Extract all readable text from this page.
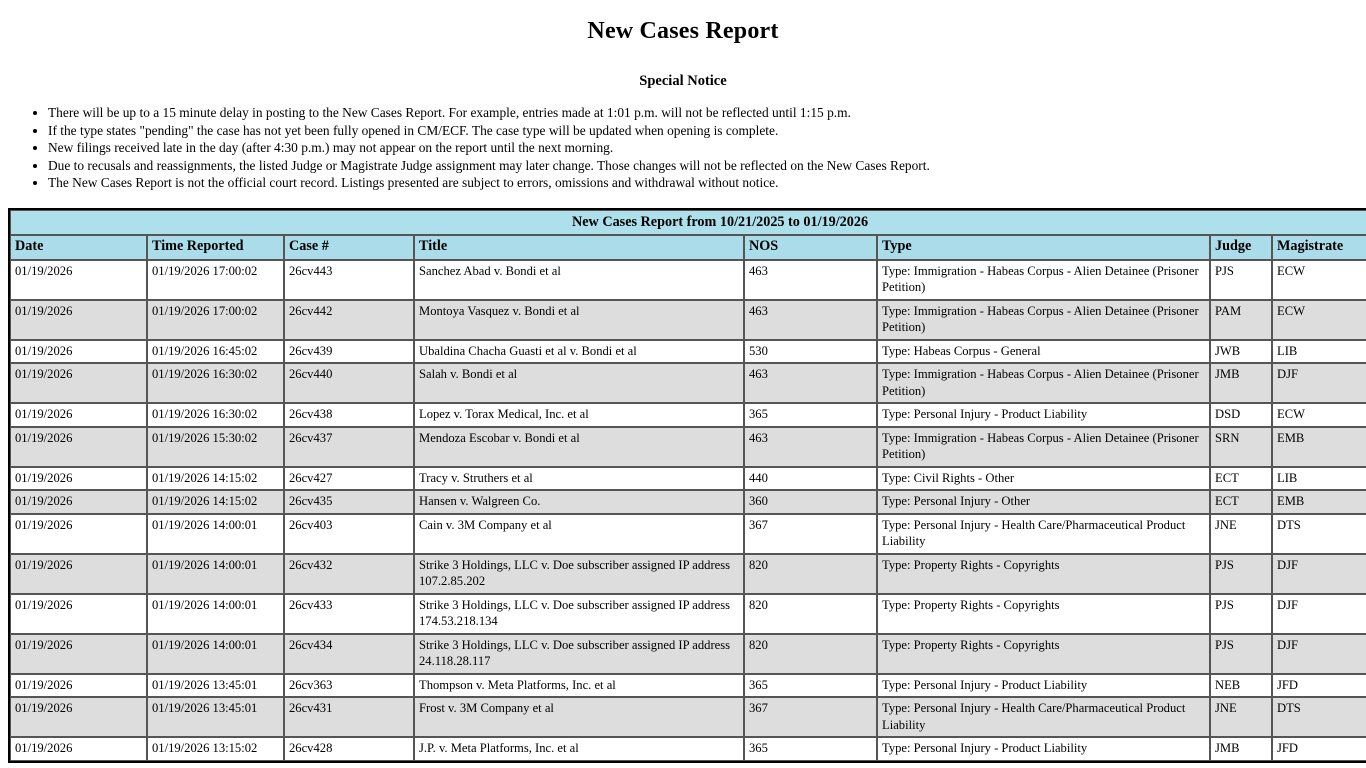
New Cases Report
Special Notice
• There will be up to a 15 minute delay in posting to the New Cases Report. For example, entries made at 1:01 p.m. will not be reflected until 1:15 p.m.
• If the type states "pending" the case has not yet been fully opened in CM/ECF. The case type will be updated when opening is complete.
• New filings received late in the day (after 4:30 p.m.) may not appear on the report until the next morning.
• Due to recusals and reassignments, the listed Judge or Magistrate Judge assignment may later change. Those changes will not be reflected on the New Cases Report.
• The New Cases Report is not the official court record. Listings presented are subject to errors, omissions and withdrawal without notice.
New Cases Report from 10/21/2025 to 01/19/2026							
Date	Time Reported	Case #	Title	NOS	Type	Judge	Magistrate
01/19/2026	01/19/2026 17:00:02	26cv443	Sanchez Abad v. Bondi et al	463	Type: Immigration - Habeas Corpus - Alien Detainee (Prisoner Petition)	PJS	ECW
01/19/2026	01/19/2026 17:00:02	26cv442	Montoya Vasquez v. Bondi et al	463	Type: Immigration - Habeas Corpus - Alien Detainee (Prisoner Petition)	PAM	ECW
01/19/2026	01/19/2026 16:45:02	26cv439	Ubaldina Chacha Guasti et al v. Bondi et al	530	Type: Habeas Corpus - General	JWB	LIB
01/19/2026	01/19/2026 16:30:02	26cv440	Salah v. Bondi et al	463	Type: Immigration - Habeas Corpus - Alien Detainee (Prisoner Petition)	JMB	DJF
01/19/2026	01/19/2026 16:30:02	26cv438	Lopez v. Torax Medical, Inc. et al	365	Type: Personal Injury - Product Liability	DSD	ECW
01/19/2026	01/19/2026 15:30:02	26cv437	Mendoza Escobar v. Bondi et al	463	Type: Immigration - Habeas Corpus - Alien Detainee (Prisoner Petition)	SRN	EMB
01/19/2026	01/19/2026 14:15:02	26cv427	Tracy v. Struthers et al	440	Type: Civil Rights - Other	ECT	LIB
01/19/2026	01/19/2026 14:15:02	26cv435	Hansen v. Walgreen Co.	360	Type: Personal Injury - Other	ECT	EMB
01/19/2026	01/19/2026 14:00:01	26cv403	Cain v. 3M Company et al	367	Type: Personal Injury - Health Care/Pharmaceutical Product Liability	JNE	DTS
01/19/2026	01/19/2026 14:00:01	26cv432	Strike 3 Holdings, LLC v. Doe subscriber assigned IP address 107.2.85.202	820	Type: Property Rights - Copyrights	PJS	DJF
01/19/2026	01/19/2026 14:00:01	26cv433	Strike 3 Holdings, LLC v. Doe subscriber assigned IP address 174.53.218.134	820	Type: Property Rights - Copyrights	PJS	DJF
01/19/2026	01/19/2026 14:00:01	26cv434	Strike 3 Holdings, LLC v. Doe subscriber assigned IP address 24.118.28.117	820	Type: Property Rights - Copyrights	PJS	DJF
01/19/2026	01/19/2026 13:45:01	26cv363	Thompson v. Meta Platforms, Inc. et al	365	Type: Personal Injury - Product Liability	NEB	JFD
01/19/2026	01/19/2026 13:45:01	26cv431	Frost v. 3M Company et al	367	Type: Personal Injury - Health Care/Pharmaceutical Product Liability	JNE	DTS
01/19/2026	01/19/2026 13:15:02	26cv428	J.P. v. Meta Platforms, Inc. et al	365	Type: Personal Injury - Product Liability	JMB	JFD
